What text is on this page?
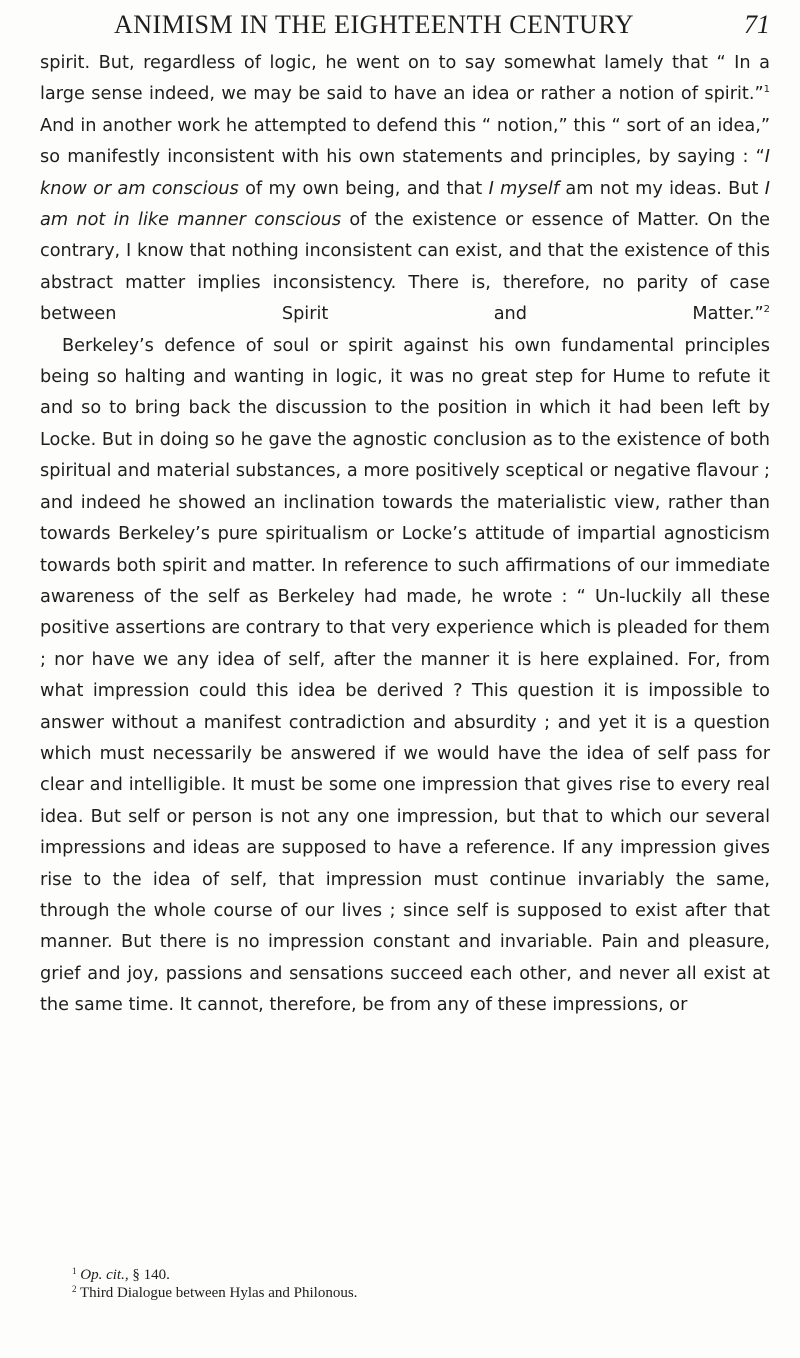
ANIMISM IN THE EIGHTEENTH CENTURY	71

spirit. But, regardless of logic, he went on to say somewhat lamely that “ In a large sense indeed, we may be said to have an idea or rather a notion of spirit.”$^1$ And in another work he attempted to defend this “ notion,” this “ sort of an idea,” so manifestly inconsistent with his own statements and principles, by saying : “I know or am conscious of my own being, and that I myself am not my ideas. But I am not in like manner conscious of the existence or essence of Matter. On the contrary, I know that nothing inconsistent can exist, and that the existence of this abstract matter implies inconsistency. There is, therefore, no parity of case between Spirit and Matter.”$^2$

Berkeley’s defence of soul or spirit against his own fundamental principles being so halting and wanting in logic, it was no great step for Hume to refute it and so to bring back the discussion to the position in which it had been left by Locke. But in doing so he gave the agnostic conclusion as to the existence of both spiritual and material substances, a more positively sceptical or negative flavour ; and indeed he showed an inclination towards the materialistic view, rather than towards Berkeley’s pure spiritualism or Locke’s attitude of impartial agnosticism towards both spirit and matter. In reference to such affirmations of our immediate awareness of the self as Berkeley had made, he wrote : “ Un-luckily all these positive assertions are contrary to that very experience which is pleaded for them ; nor have we any idea of self, after the manner it is here explained. For, from what impression could this idea be derived ? This question it is impossible to answer without a manifest contradiction and absurdity ; and yet it is a question which must necessarily be answered if we would have the idea of self pass for clear and intelligible. It must be some one impression that gives rise to every real idea. But self or person is not any one impression, but that to which our several impressions and ideas are supposed to have a reference. If any impression gives rise to the idea of self, that impression must continue invariably the same, through the whole course of our lives ; since self is supposed to exist after that manner. But there is no impression constant and invariable. Pain and pleasure, grief and joy, passions and sensations succeed each other, and never all exist at the same time. It cannot, therefore, be from any of these impressions, or

$^1$ Op. cit., § 140.
$^2$ Third Dialogue between Hylas and Philonous.
